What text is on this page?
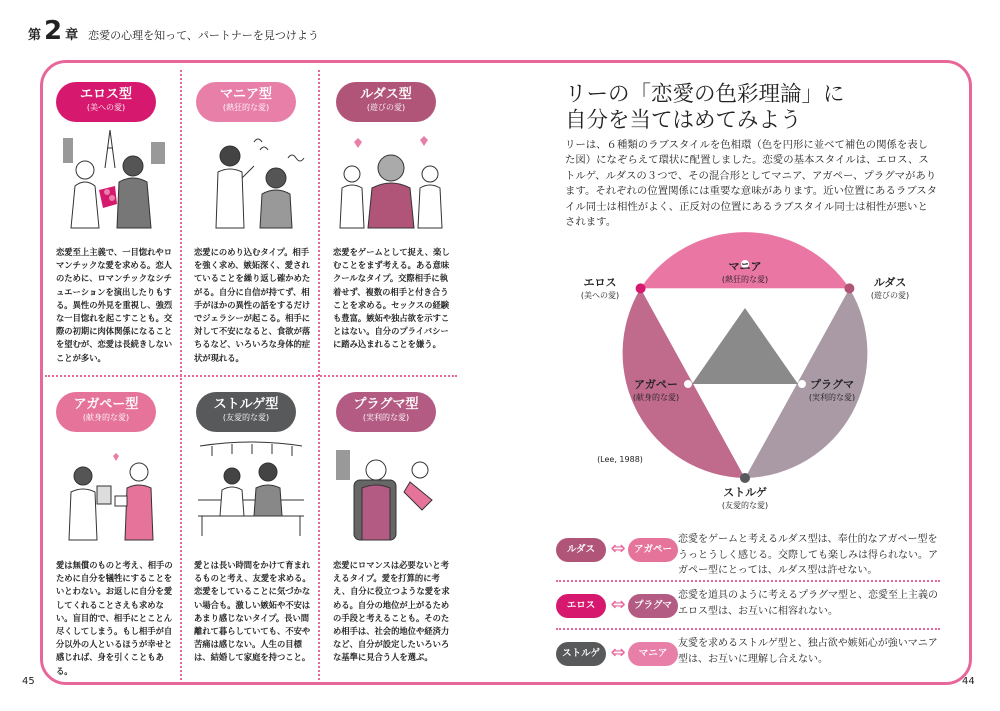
第 2 章 恋愛の心理を知って、パートナーを見つけよう
エロス型
(美への愛)
マニア型
(熱狂的な愛)
ルダス型
(遊びの愛)
アガペー型
(献身的な愛)
ストルゲ型
(友愛的な愛)
プラグマ型
(実利的な愛)

恋愛至上主義で、一目惚れやロマンチックな愛を求める。恋人のために、ロマンチックなシチュエーションを演出したりもする。異性の外見を重視し、強烈な一目惚れを起こすことも。交際の初期に肉体関係になることを望むが、恋愛は長続きしないことが多い。

恋愛にのめり込むタイプ。相手を強く求め、嫉妬深く、愛されていることを繰り返し確かめたがる。自分に自信が持てず、相手がほかの異性の話をするだけでジェラシーが起こる。相手に対して不安になると、食欲が落ちるなど、いろいろな身体的症状が現れる。

恋愛をゲームとして捉え、楽しむことをまず考える。ある意味クールなタイプ。交際相手に執着せず、複数の相手と付き合うことを求める。セックスの経験も豊富。嫉妬や独占欲を示すことはない。自分のプライバシーに踏み込まれることを嫌う。

愛は無償のものと考え、相手のために自分を犠牲にすることをいとわない。お返しに自分を愛してくれることさえも求めない。盲目的で、相手にとことん尽くしてしまう。もし相手が自分以外の人といるほうが幸せと感じれば、身を引くこともある。

愛とは長い時間をかけて育まれるものと考え、友愛を求める。恋愛をしていることに気づかない場合も。激しい嫉妬や不安はあまり感じないタイプ。長い間離れて暮らしていても、不安や苦痛は感じない。人生の目標は、結婚して家庭を持つこと。

恋愛にロマンスは必要ないと考えるタイプ。愛を打算的に考え、自分に役立つような愛を求める。自分の地位が上がるための手段と考えることも。そのため相手は、社会的地位や経済力など、自分が設定したいろいろな基準に見合う人を選ぶ。

リーの「恋愛の色彩理論」に
自分を当てはめてみよう

リーは、６種類のラブスタイルを色相環（色を円形に並べて補色の関係を表した図）になぞらえて環状に配置しました。恋愛の基本スタイルは、エロス、ストルゲ、ルダスの３つで、その混合形としてマニア、アガペー、プラグマがあります。それぞれの位置関係には重要な意味があります。近い位置にあるラブスタイル同士は相性がよく、正反対の位置にあるラブスタイル同士は相性が悪いとされます。

エロス
(美への愛)
マニア
(熱狂的な愛)	ルダス
(遊びの愛)
アガペー
(献身的な愛)
プラグマ
(実利的な愛)
ストルゲ
(友愛的な愛)
(Lee, 1988)
ルダス ⇔ アガペー

恋愛をゲームと考えるルダス型は、奉仕的なアガペー型をうっとうしく感じる。交際しても楽しみは得られない。アガペー型にとっては、ルダス型は許せない。

エロス ⇔ プラグマ

恋愛を道具のように考えるプラグマ型と、恋愛至上主義のエロス型は、お互いに相容れない。

ストルゲ ⇔	マニア

友愛を求めるストルゲ型と、独占欲や嫉妬心が強いマニア型は、お互いに理解し合えない。

45	44
